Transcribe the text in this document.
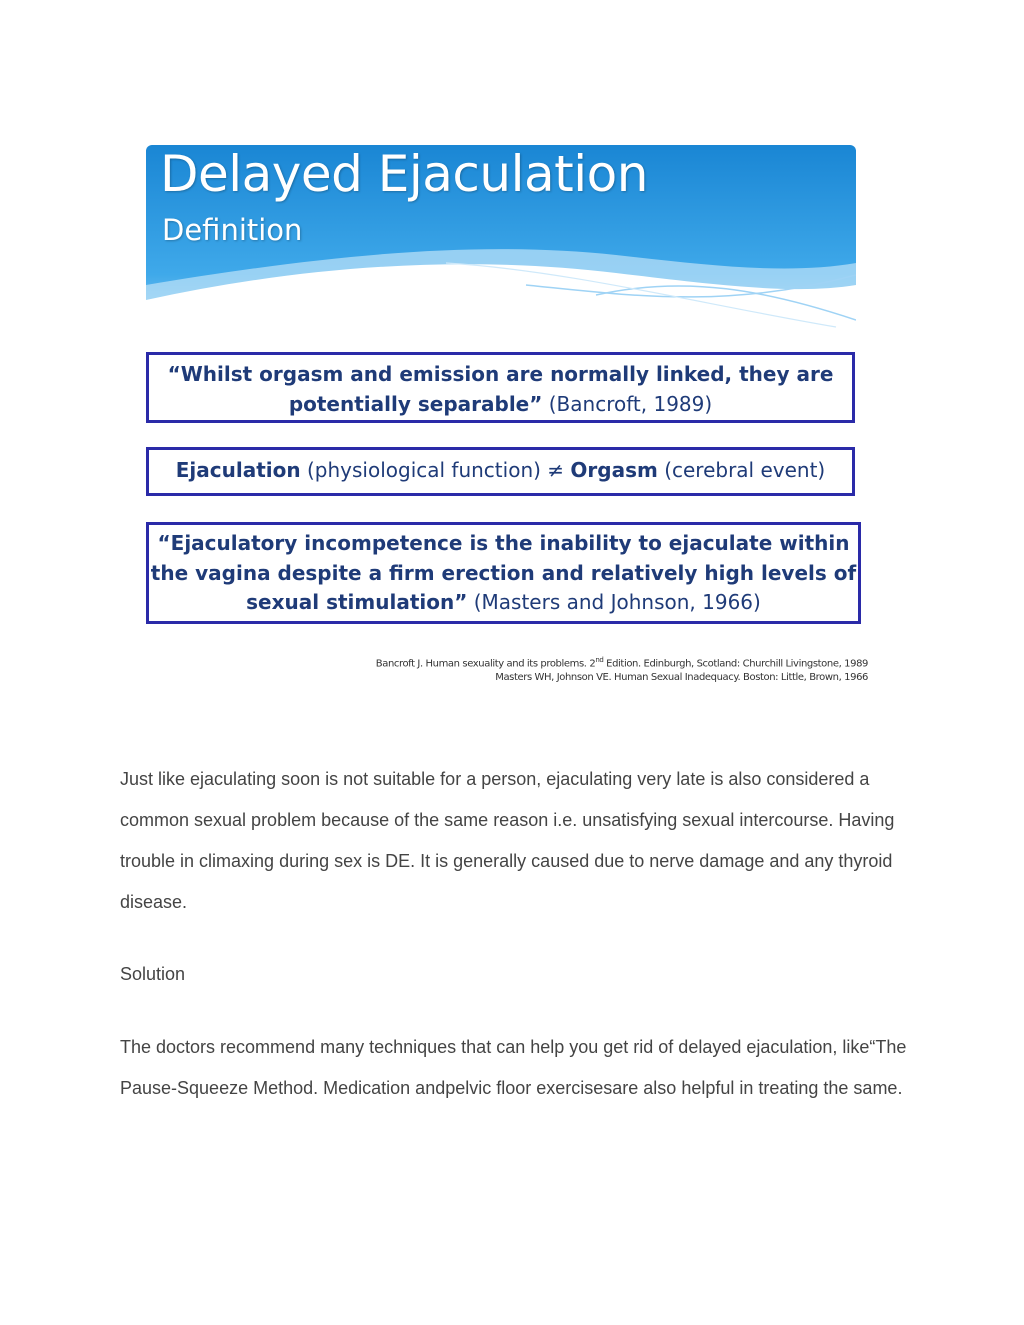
Delayed Ejaculation
Definition
“Whilst orgasm and emission are normally linked, they are potentially separable” (Bancroft, 1989)
Ejaculation (physiological function) ≠ Orgasm (cerebral event)
“Ejaculatory incompetence is the inability to ejaculate within the vagina despite a firm erection and relatively high levels of sexual stimulation” (Masters and Johnson, 1966)
Bancroft J. Human sexuality and its problems. 2nd Edition. Edinburgh, Scotland: Churchill Livingstone, 1989
Masters WH, Johnson VE. Human Sexual Inadequacy. Boston: Little, Brown, 1966
Just like ejaculating soon is not suitable for a person, ejaculating very late is also considered a common sexual problem because of the same reason i.e. unsatisfying sexual intercourse. Having trouble in climaxing during sex is DE. It is generally caused due to nerve damage and any thyroid disease.
Solution
The doctors recommend many techniques that can help you get rid of delayed ejaculation, like“The Pause-Squeeze Method. Medication andpelvic floor exercisesare also helpful in treating the same.
